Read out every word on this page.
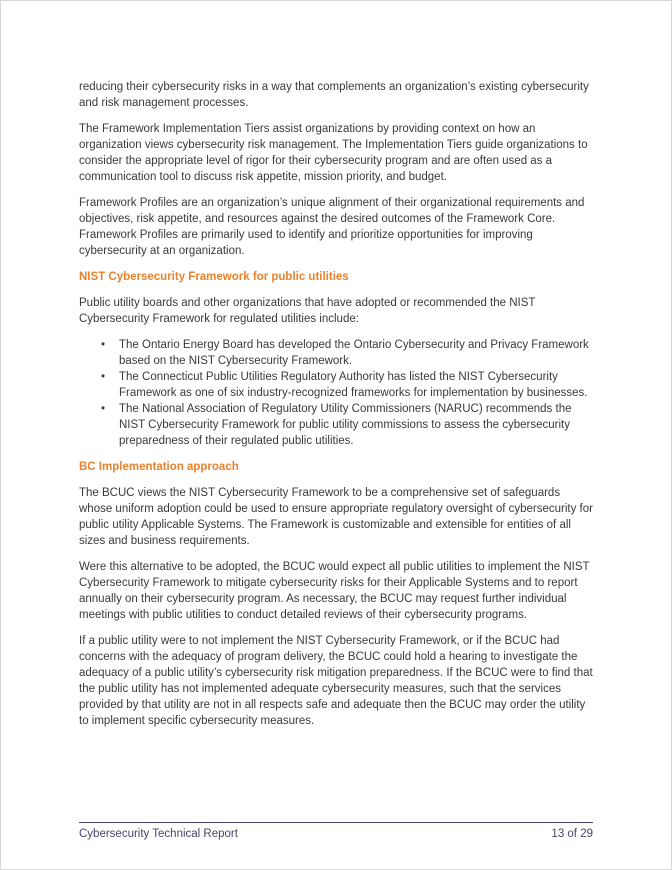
reducing their cybersecurity risks in a way that complements an organization’s existing cybersecurity and risk management processes.

The Framework Implementation Tiers assist organizations by providing context on how an organization views cybersecurity risk management. The Implementation Tiers guide organizations to consider the appropriate level of rigor for their cybersecurity program and are often used as a communication tool to discuss risk appetite, mission priority, and budget.

Framework Profiles are an organization’s unique alignment of their organizational requirements and objectives, risk appetite, and resources against the desired outcomes of the Framework Core. Framework Profiles are primarily used to identify and prioritize opportunities for improving cybersecurity at an organization.

NIST Cybersecurity Framework for public utilities

Public utility boards and other organizations that have adopted or recommended the NIST Cybersecurity Framework for regulated utilities include:

• The Ontario Energy Board has developed the Ontario Cybersecurity and Privacy Framework based on the NIST Cybersecurity Framework.
• The Connecticut Public Utilities Regulatory Authority has listed the NIST Cybersecurity Framework as one of six industry-recognized frameworks for implementation by businesses.
• The National Association of Regulatory Utility Commissioners (NARUC) recommends the NIST Cybersecurity Framework for public utility commissions to assess the cybersecurity preparedness of their regulated public utilities.
BC Implementation approach

The BCUC views the NIST Cybersecurity Framework to be a comprehensive set of safeguards whose uniform adoption could be used to ensure appropriate regulatory oversight of cybersecurity for public utility Applicable Systems. The Framework is customizable and extensible for entities of all sizes and business requirements.

Were this alternative to be adopted, the BCUC would expect all public utilities to implement the NIST Cybersecurity Framework to mitigate cybersecurity risks for their Applicable Systems and to report annually on their cybersecurity program. As necessary, the BCUC may request further individual meetings with public utilities to conduct detailed reviews of their cybersecurity programs.

If a public utility were to not implement the NIST Cybersecurity Framework, or if the BCUC had concerns with the adequacy of program delivery, the BCUC could hold a hearing to investigate the adequacy of a public utility’s cybersecurity risk mitigation preparedness. If the BCUC were to find that the public utility has not implemented adequate cybersecurity measures, such that the services provided by that utility are not in all respects safe and adequate then the BCUC may order the utility to implement specific cybersecurity measures.

Cybersecurity Technical Report	13 of 29
